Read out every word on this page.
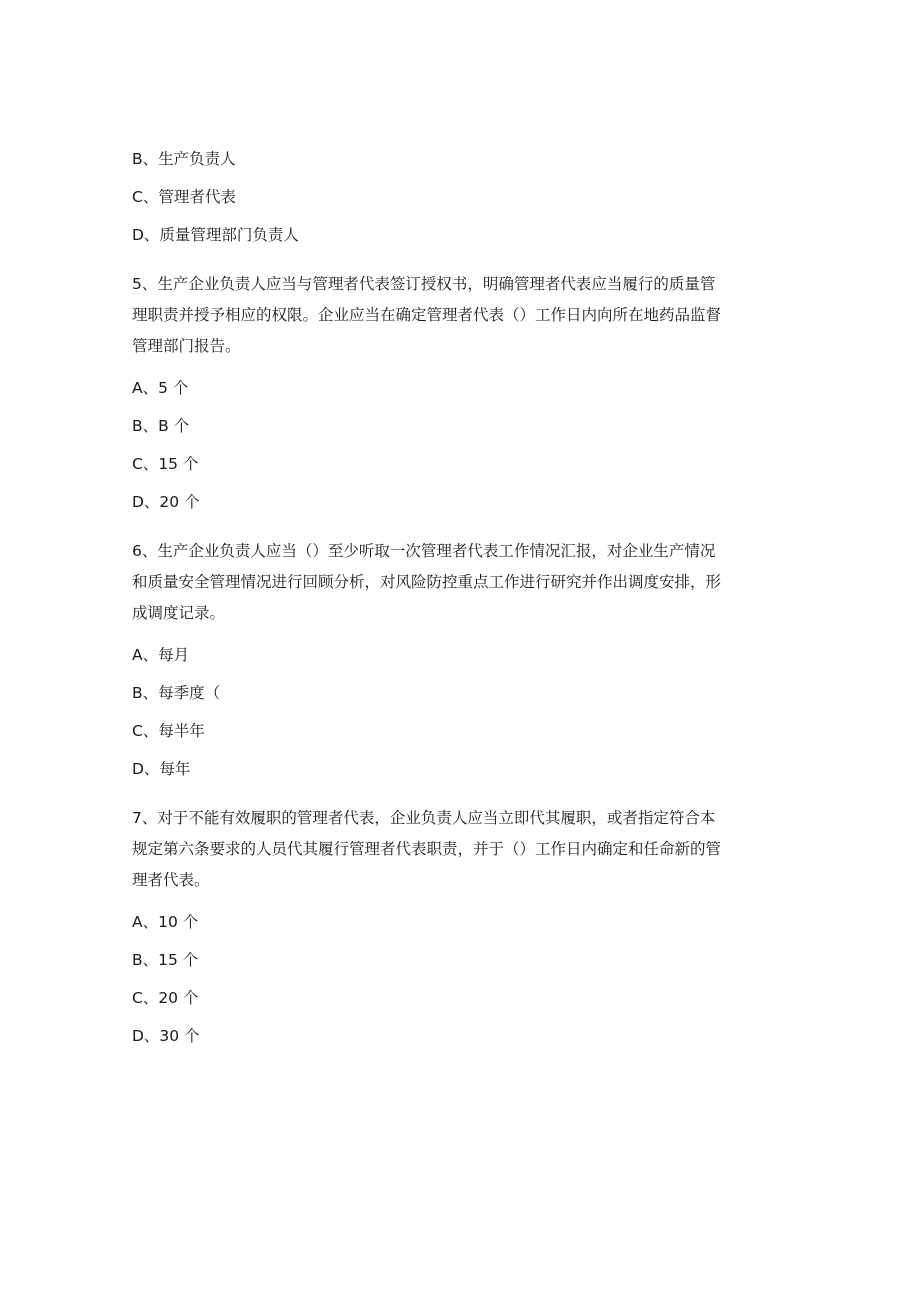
B、生产负责人
C、管理者代表
D、质量管理部门负责人
5、生产企业负责人应当与管理者代表签订授权书，明确管理者代表应当履行的质量管
理职责并授予相应的权限。企业应当在确定管理者代表（）工作日内向所在地药品监督
管理部门报告。
A、5 个
B、B 个
C、15 个
D、20 个
6、生产企业负责人应当（）至少听取一次管理者代表工作情况汇报，对企业生产情况
和质量安全管理情况进行回顾分析，对风险防控重点工作进行研究并作出调度安排，形
成调度记录。
A、每月
B、每季度（
C、每半年
D、每年
7、对于不能有效履职的管理者代表，企业负责人应当立即代其履职，或者指定符合本
规定第六条要求的人员代其履行管理者代表职责，并于（）工作日内确定和任命新的管
理者代表。
A、10 个
B、15 个
C、20 个
D、30 个
